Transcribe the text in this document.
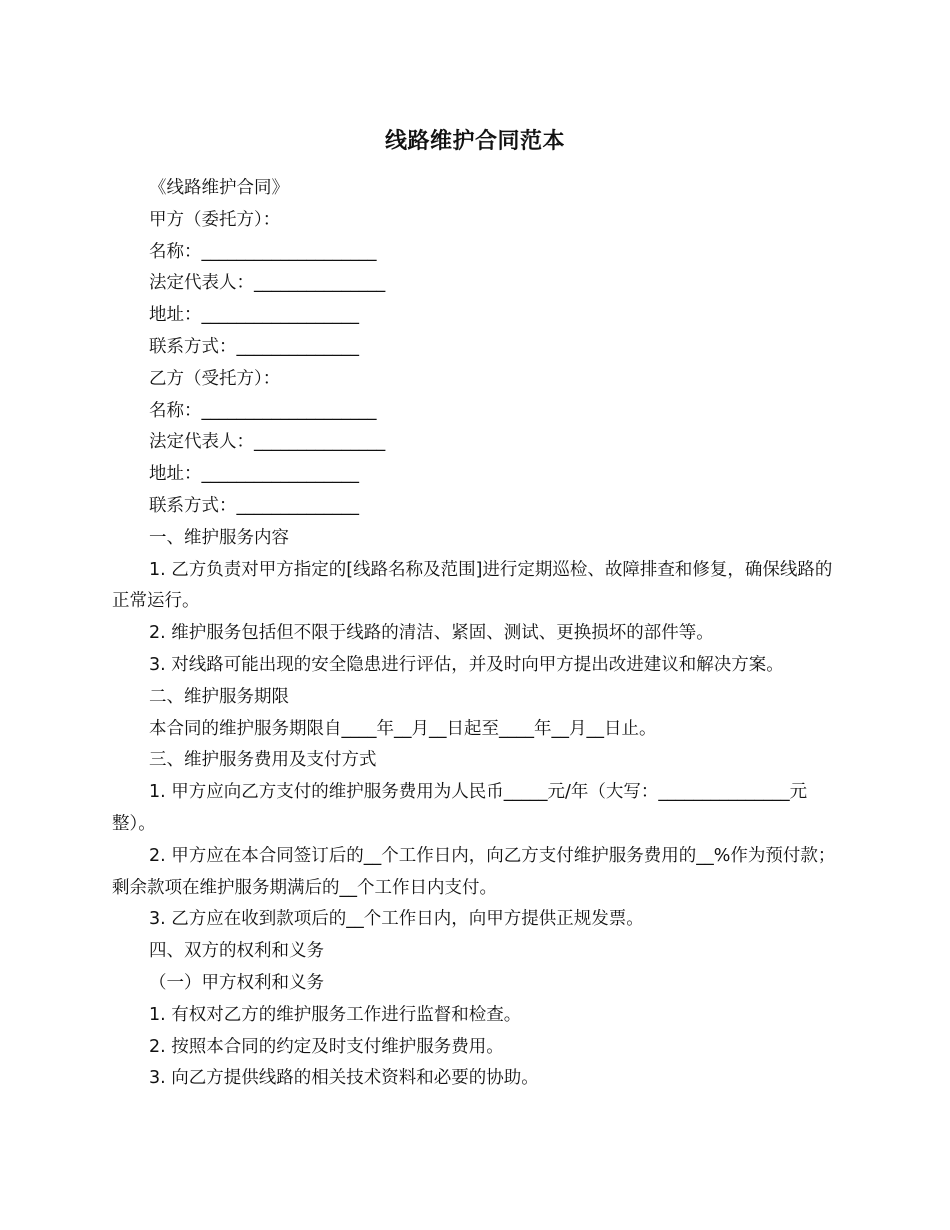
线路维护合同范本

《线路维护合同》

甲方（委托方）：

名称：____________________

法定代表人：_______________

地址：__________________

联系方式：______________

乙方（受托方）：

名称：____________________

法定代表人：_______________

地址：__________________

联系方式：______________

一、维护服务内容

1. 乙方负责对甲方指定的[线路名称及范围]进行定期巡检、故障排查和修复，确保线路的正常运行。

2. 维护服务包括但不限于线路的清洁、紧固、测试、更换损坏的部件等。

3. 对线路可能出现的安全隐患进行评估，并及时向甲方提出改进建议和解决方案。

二、维护服务期限

本合同的维护服务期限自____年__月__日起至____年__月__日止。

三、维护服务费用及支付方式

1. 甲方应向乙方支付的维护服务费用为人民币_____元/年（大写：_______________元整）。

2. 甲方应在本合同签订后的__个工作日内，向乙方支付维护服务费用的__%作为预付款；剩余款项在维护服务期满后的__个工作日内支付。

3. 乙方应在收到款项后的__个工作日内，向甲方提供正规发票。

四、双方的权利和义务

（一）甲方权利和义务

1. 有权对乙方的维护服务工作进行监督和检查。

2. 按照本合同的约定及时支付维护服务费用。

3. 向乙方提供线路的相关技术资料和必要的协助。
